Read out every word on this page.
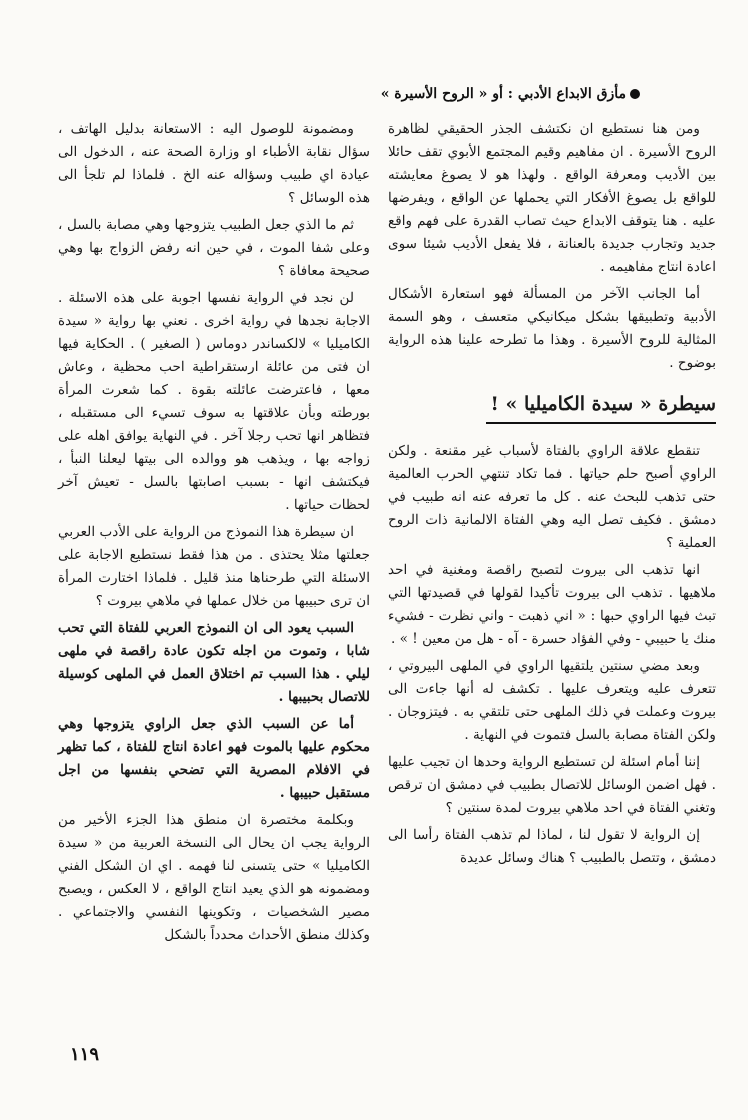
مأزق الابداع الأدبي : أو « الروح الأسيرة »

ومن هنا نستطيع ان نكتشف الجذر الحقيقي لظاهرة الروح الأسيرة . ان مفاهيم وقيم المجتمع الأبوي تقف حائلا بين الأديب ومعرفة الواقع . ولهذا هو لا يصوغ معايشته للواقع بل يصوغ الأفكار التي يحملها عن الواقع ، ويفرضها عليه . هنا يتوقف الابداع حيث تصاب القدرة على فهم واقع جديد وتجارب جديدة بالعنانة ، فلا يفعل الأديب شيئا سوى اعادة انتاج مفاهيمه .

أما الجانب الآخر من المسألة فهو استعارة الأشكال الأدبية وتطبيقها بشكل ميكانيكي متعسف ، وهو السمة المثالية للروح الأسيرة . وهذا ما تطرحه علينا هذه الرواية بوضوح .

سيطرة « سيدة الكاميليا » !

تنقطع علاقة الراوي بالفتاة لأسباب غير مقنعة . ولكن الراوي أصبح حلم حياتها . فما تكاد تنتهي الحرب العالمية حتى تذهب للبحث عنه . كل ما تعرفه عنه انه طبيب في دمشق . فكيف تصل اليه وهي الفتاة الالمانية ذات الروح العملية ؟

انها تذهب الى بيروت لتصبح راقصة ومغنية في احد ملاهيها . تذهب الى بيروت تأكيدا لقولها في قصيدتها التي تبث فيها الراوي حبها : « اني ذهبت - واني نظرت - فشيء منك يا حبيبي - وفي الفؤاد حسرة - آه - هل من معين ! » .

وبعد مضي سنتين يلتقيها الراوي في الملهى البيروتي ، تتعرف عليه ويتعرف عليها . تكشف له أنها جاءت الى بيروت وعملت في ذلك الملهى حتى تلتقي به . فيتزوجان . ولكن الفتاة مصابة بالسل فتموت في النهاية .

إننا أمام اسئلة لن تستطيع الرواية وحدها ان تجيب عليها . فهل اضمن الوسائل للاتصال بطبيب في دمشق ان ترقص وتغني الفتاة في احد ملاهي بيروت لمدة سنتين ؟

إن الرواية لا تقول لنا ، لماذا لم تذهب الفتاة رأسا الى دمشق ، وتتصل بالطبيب ؟ هناك وسائل عديدة

ومضمونة للوصول اليه : الاستعانة بدليل الهاتف ، سؤال نقابة الأطباء او وزارة الصحة عنه ، الدخول الى عيادة اي طبيب وسؤاله عنه الخ . فلماذا لم تلجأ الى هذه الوسائل ؟

ثم ما الذي جعل الطبيب يتزوجها وهي مصابة بالسل ، وعلى شفا الموت ، في حين انه رفض الزواج بها وهي صحيحة معافاة ؟

لن نجد في الرواية نفسها اجوبة على هذه الاسئلة . الاجابة نجدها في رواية اخرى . نعني بها رواية « سيدة الكاميليا » لالكساندر دوماس ( الصغير ) . الحكاية فيها ان فتى من عائلة ارستقراطية احب محظية ، وعاش معها ، فاعترضت عائلته بقوة . كما شعرت المرأة بورطته وبأن علاقتها به سوف تسيء الى مستقبله ، فتظاهر انها تحب رجلا آخر . في النهاية يوافق اهله على زواجه بها ، ويذهب هو ووالده الى بيتها ليعلنا النبأ ، فيكتشف انها - بسبب اصابتها بالسل - تعيش آخر لحظات حياتها .

ان سيطرة هذا النموذج من الرواية على الأدب العربي جعلتها مثلا يحتذى . من هذا فقط نستطيع الاجابة على الاسئلة التي طرحناها منذ قليل . فلماذا اختارت المرأة ان ترى حبيبها من خلال عملها في ملاهي بيروت ؟

السبب يعود الى ان النموذج العربي للفتاة التي تحب شابا ، وتموت من اجله تكون عادة راقصة في ملهى ليلي . هذا السبب تم اختلاق العمل في الملهى كوسيلة للاتصال بحبيبها .

أما عن السبب الذي جعل الراوي يتزوجها وهي محكوم عليها بالموت فهو اعادة انتاج للفتاة ، كما تظهر في الافلام المصرية التي تضحي بنفسها من اجل مستقبل حبيبها .

وبكلمة مختصرة ان منطق هذا الجزء الأخير من الرواية يجب ان يحال الى النسخة العربية من « سيدة الكاميليا » حتى يتسنى لنا فهمه . اي ان الشكل الفني ومضمونه هو الذي يعيد انتاج الواقع ، لا العكس ، ويصبح مصير الشخصيات ، وتكوينها النفسي والاجتماعي . وكذلك منطق الأحداث محدداً بالشكل

١١٩
